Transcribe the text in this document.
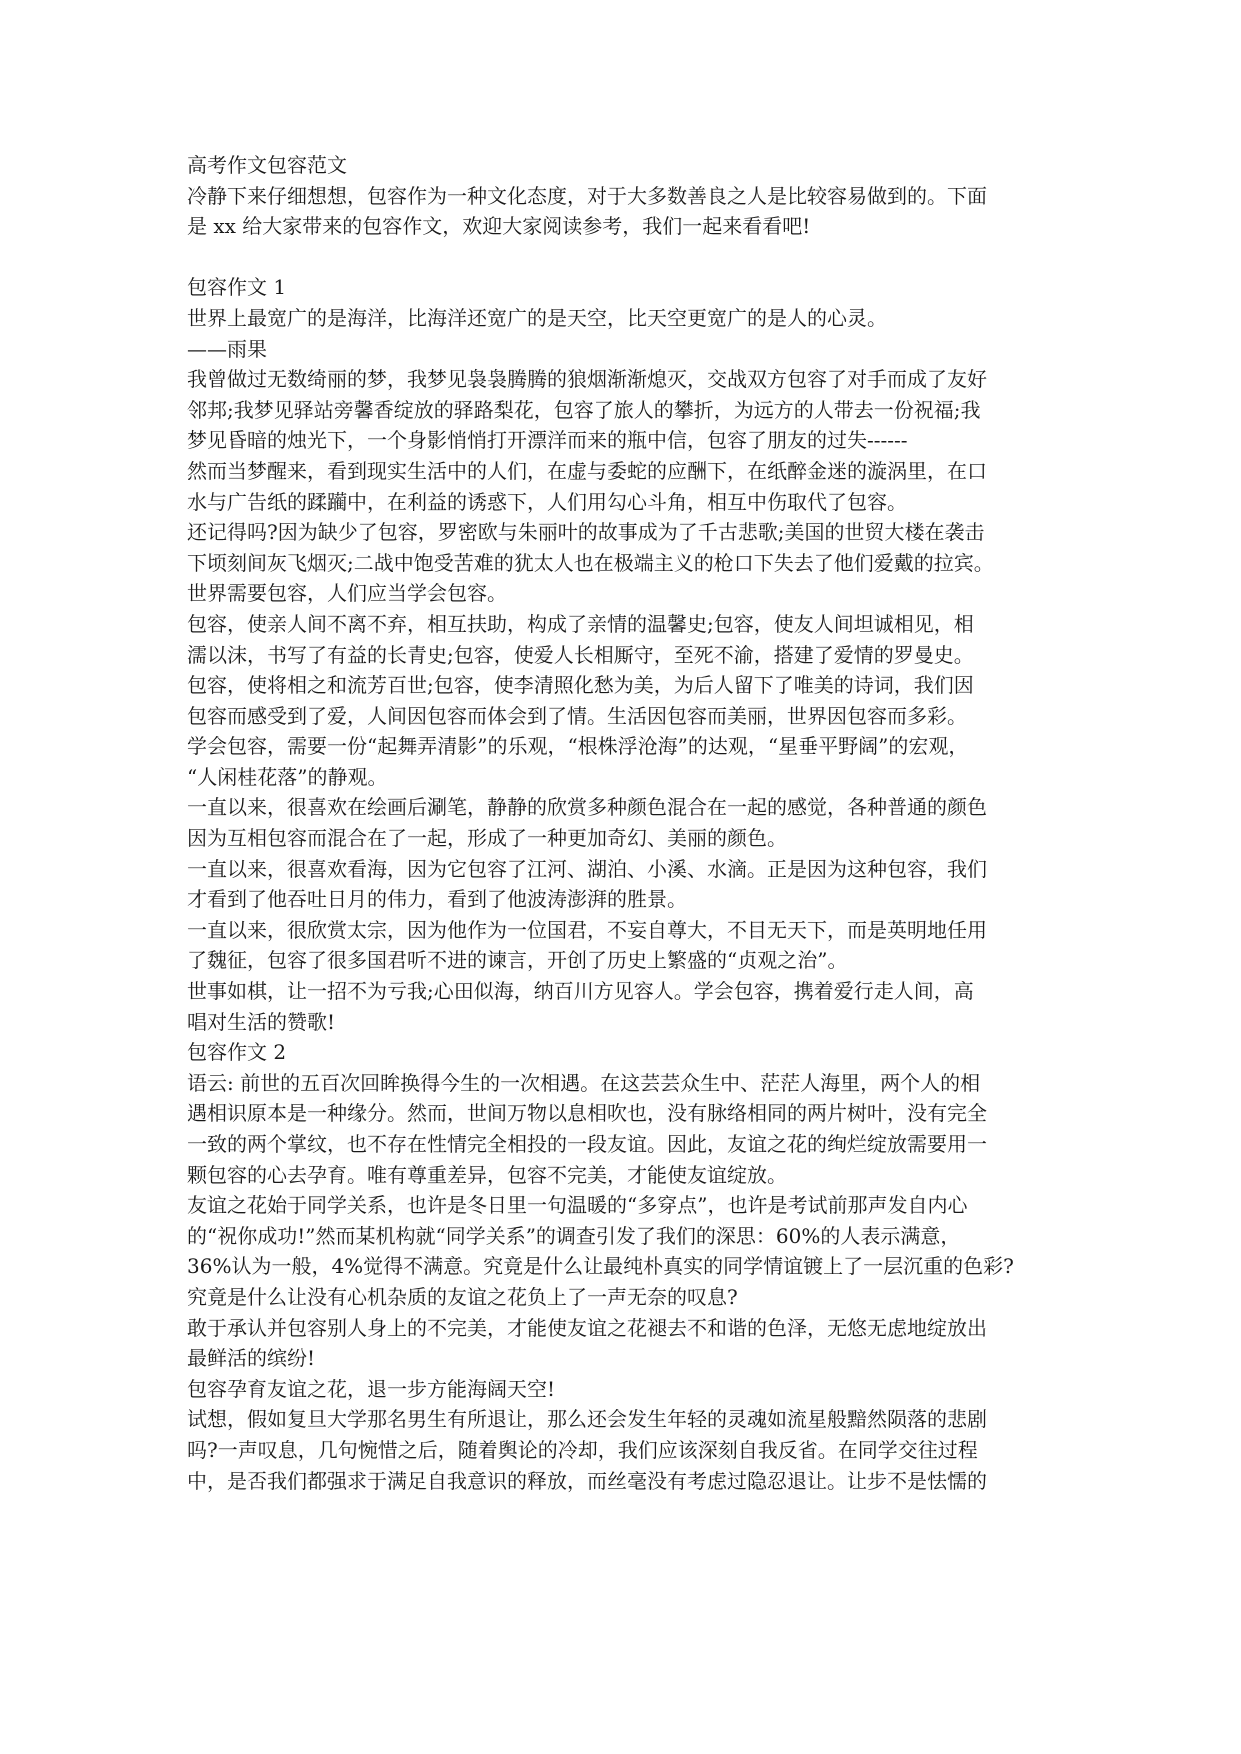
高考作文包容范文
冷静下来仔细想想，包容作为一种文化态度，对于大多数善良之人是比较容易做到的。下面
是 xx 给大家带来的包容作文，欢迎大家阅读参考，我们一起来看看吧!
包容作文 1
世界上最宽广的是海洋，比海洋还宽广的是天空，比天空更宽广的是人的心灵。
——雨果
我曾做过无数绮丽的梦，我梦见袅袅腾腾的狼烟渐渐熄灭，交战双方包容了对手而成了友好
邻邦;我梦见驿站旁馨香绽放的驿路梨花，包容了旅人的攀折，为远方的人带去一份祝福;我
梦见昏暗的烛光下，一个身影悄悄打开漂洋而来的瓶中信，包容了朋友的过失------
然而当梦醒来，看到现实生活中的人们，在虚与委蛇的应酬下，在纸醉金迷的漩涡里，在口
水与广告纸的蹂躏中，在利益的诱惑下，人们用勾心斗角，相互中伤取代了包容。
还记得吗?因为缺少了包容，罗密欧与朱丽叶的故事成为了千古悲歌;美国的世贸大楼在袭击
下顷刻间灰飞烟灭;二战中饱受苦难的犹太人也在极端主义的枪口下失去了他们爱戴的拉宾。
世界需要包容，人们应当学会包容。
包容，使亲人间不离不弃，相互扶助，构成了亲情的温馨史;包容，使友人间坦诚相见，相
濡以沫，书写了有益的长青史;包容，使爱人长相厮守，至死不渝，搭建了爱情的罗曼史。
包容，使将相之和流芳百世;包容，使李清照化愁为美，为后人留下了唯美的诗词，我们因
包容而感受到了爱，人间因包容而体会到了情。生活因包容而美丽，世界因包容而多彩。
学会包容，需要一份“起舞弄清影”的乐观，“根株浮沧海”的达观，“星垂平野阔”的宏观，
“人闲桂花落”的静观。
一直以来，很喜欢在绘画后涮笔，静静的欣赏多种颜色混合在一起的感觉，各种普通的颜色
因为互相包容而混合在了一起，形成了一种更加奇幻、美丽的颜色。
一直以来，很喜欢看海，因为它包容了江河、湖泊、小溪、水滴。正是因为这种包容，我们
才看到了他吞吐日月的伟力，看到了他波涛澎湃的胜景。
一直以来，很欣赏太宗，因为他作为一位国君，不妄自尊大，不目无天下，而是英明地任用
了魏征，包容了很多国君听不进的谏言，开创了历史上繁盛的“贞观之治”。
世事如棋，让一招不为亏我;心田似海，纳百川方见容人。学会包容，携着爱行走人间，高
唱对生活的赞歌!
包容作文 2
语云: 前世的五百次回眸换得今生的一次相遇。在这芸芸众生中、茫茫人海里，两个人的相
遇相识原本是一种缘分。然而，世间万物以息相吹也，没有脉络相同的两片树叶，没有完全
一致的两个掌纹，也不存在性情完全相投的一段友谊。因此，友谊之花的绚烂绽放需要用一
颗包容的心去孕育。唯有尊重差异，包容不完美，才能使友谊绽放。
友谊之花始于同学关系，也许是冬日里一句温暖的“多穿点”，也许是考试前那声发自内心
的“祝你成功!”然而某机构就“同学关系”的调查引发了我们的深思：60%的人表示满意，
36%认为一般，4%觉得不满意。究竟是什么让最纯朴真实的同学情谊镀上了一层沉重的色彩?
究竟是什么让没有心机杂质的友谊之花负上了一声无奈的叹息?
敢于承认并包容别人身上的不完美，才能使友谊之花褪去不和谐的色泽，无悠无虑地绽放出
最鲜活的缤纷!
包容孕育友谊之花，退一步方能海阔天空!
试想，假如复旦大学那名男生有所退让，那么还会发生年轻的灵魂如流星般黯然陨落的悲剧
吗?一声叹息，几句惋惜之后，随着舆论的冷却，我们应该深刻自我反省。在同学交往过程
中，是否我们都强求于满足自我意识的释放，而丝毫没有考虑过隐忍退让。让步不是怯懦的
